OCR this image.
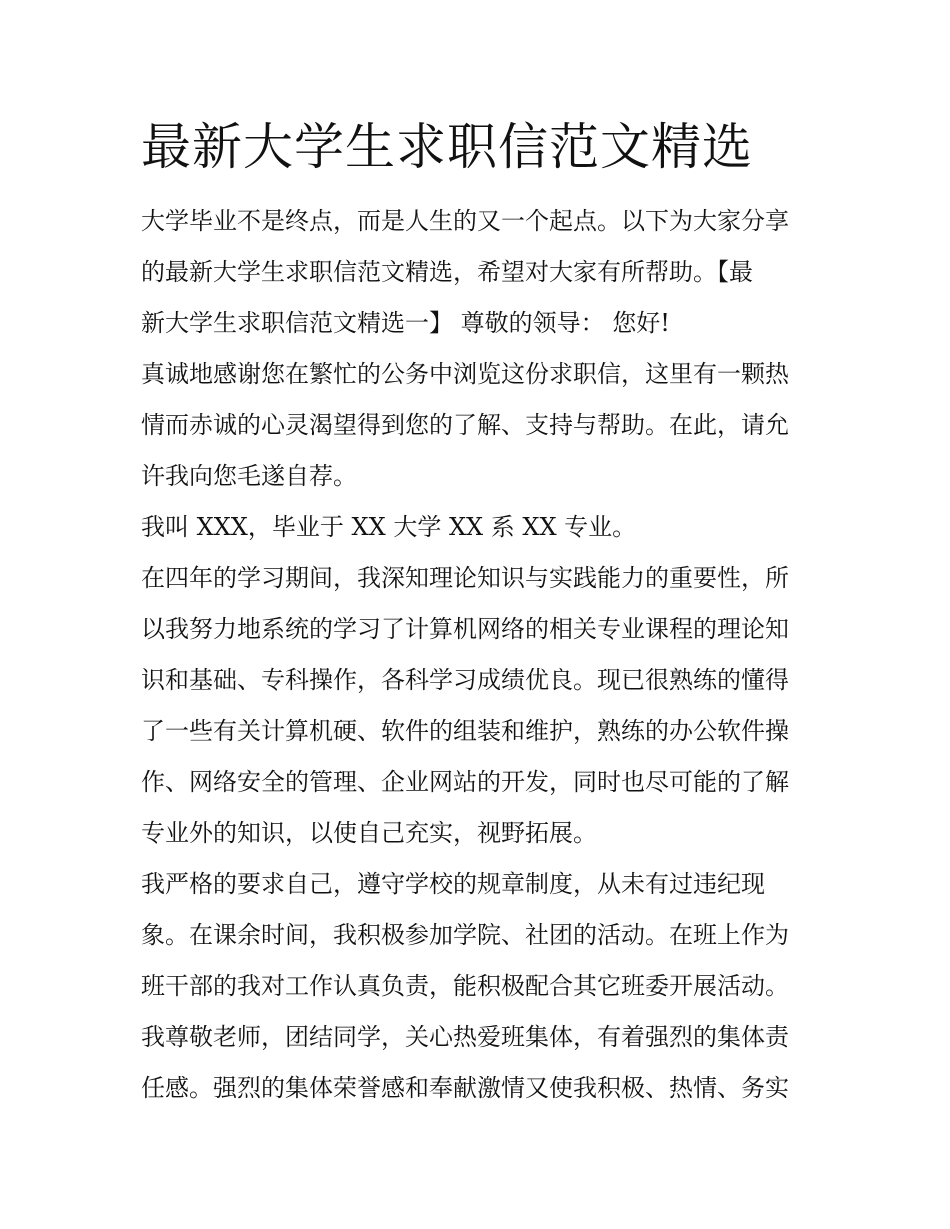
最新大学生求职信范文精选

大学毕业不是终点，而是人生的又一个起点。以下为大家分享

的最新大学生求职信范文精选，希望对大家有所帮助。【最

新大学生求职信范文精选一】 尊敬的领导： 您好!

真诚地感谢您在繁忙的公务中浏览这份求职信，这里有一颗热

情而赤诚的心灵渴望得到您的了解、支持与帮助。在此，请允

许我向您毛遂自荐。

我叫 XXX，毕业于 XX 大学 XX 系 XX 专业。

在四年的学习期间，我深知理论知识与实践能力的重要性，所

以我努力地系统的学习了计算机网络的相关专业课程的理论知

识和基础、专科操作，各科学习成绩优良。现已很熟练的懂得

了一些有关计算机硬、软件的组装和维护，熟练的办公软件操

作、网络安全的管理、企业网站的开发，同时也尽可能的了解

专业外的知识，以使自己充实，视野拓展。

我严格的要求自己，遵守学校的规章制度，从未有过违纪现

象。在课余时间，我积极参加学院、社团的活动。在班上作为

班干部的我对工作认真负责，能积极配合其它班委开展活动。

我尊敬老师，团结同学，关心热爱班集体，有着强烈的集体责

任感。强烈的集体荣誉感和奉献激情又使我积极、热情、务实
